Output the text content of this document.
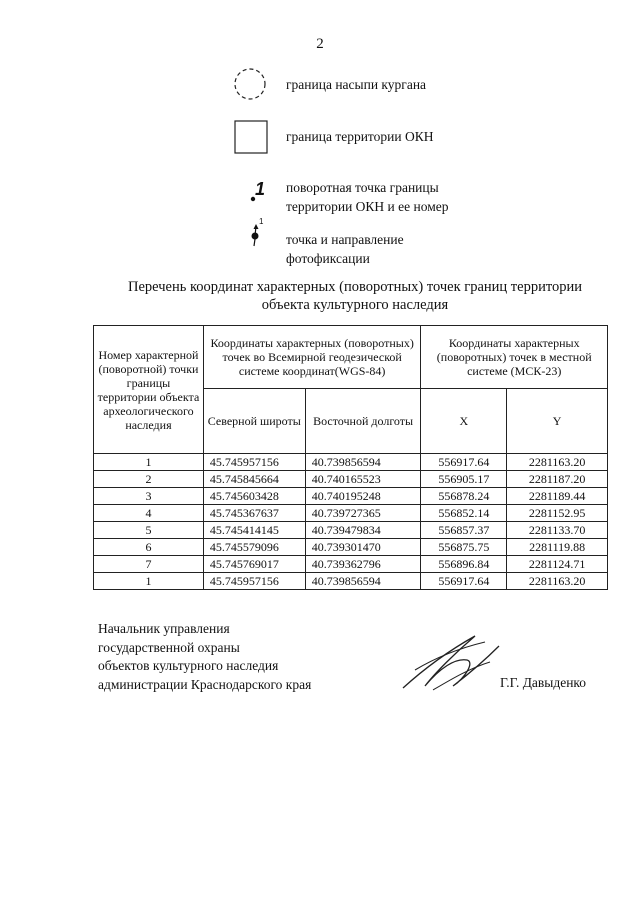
2
граница насыпи кургана
граница территории ОКН
1 поворотная точка границы
территории ОКН и ее номер
1
точка и направление
фотофиксации
Перечень координат характерных (поворотных) точек границ территории
объекта культурного наследия
Номер характерной (поворотной) точки границы территории объекта археологического наследия	Координаты характерных (поворотных) точек во Всемирной геодезической системе координат(WGS-84)		Координаты характерных (поворотных) точек в местной системе (МСК-23)	
	Северной широты	Восточной долготы	X	Y
1	45.745957156	40.739856594	556917.64	2281163.20
2	45.745845664	40.740165523	556905.17	2281187.20
3	45.745603428	40.740195248	556878.24	2281189.44
4	45.745367637	40.739727365	556852.14	2281152.95
5	45.745414145	40.739479834	556857.37	2281133.70
6	45.745579096	40.739301470	556875.75	2281119.88
7	45.745769017	40.739362796	556896.84	2281124.71
1	45.745957156	40.739856594	556917.64	2281163.20
Начальник управления
государственной охраны
объектов культурного наследия
администрации Краснодарского края	Г.Г. Давыденко
